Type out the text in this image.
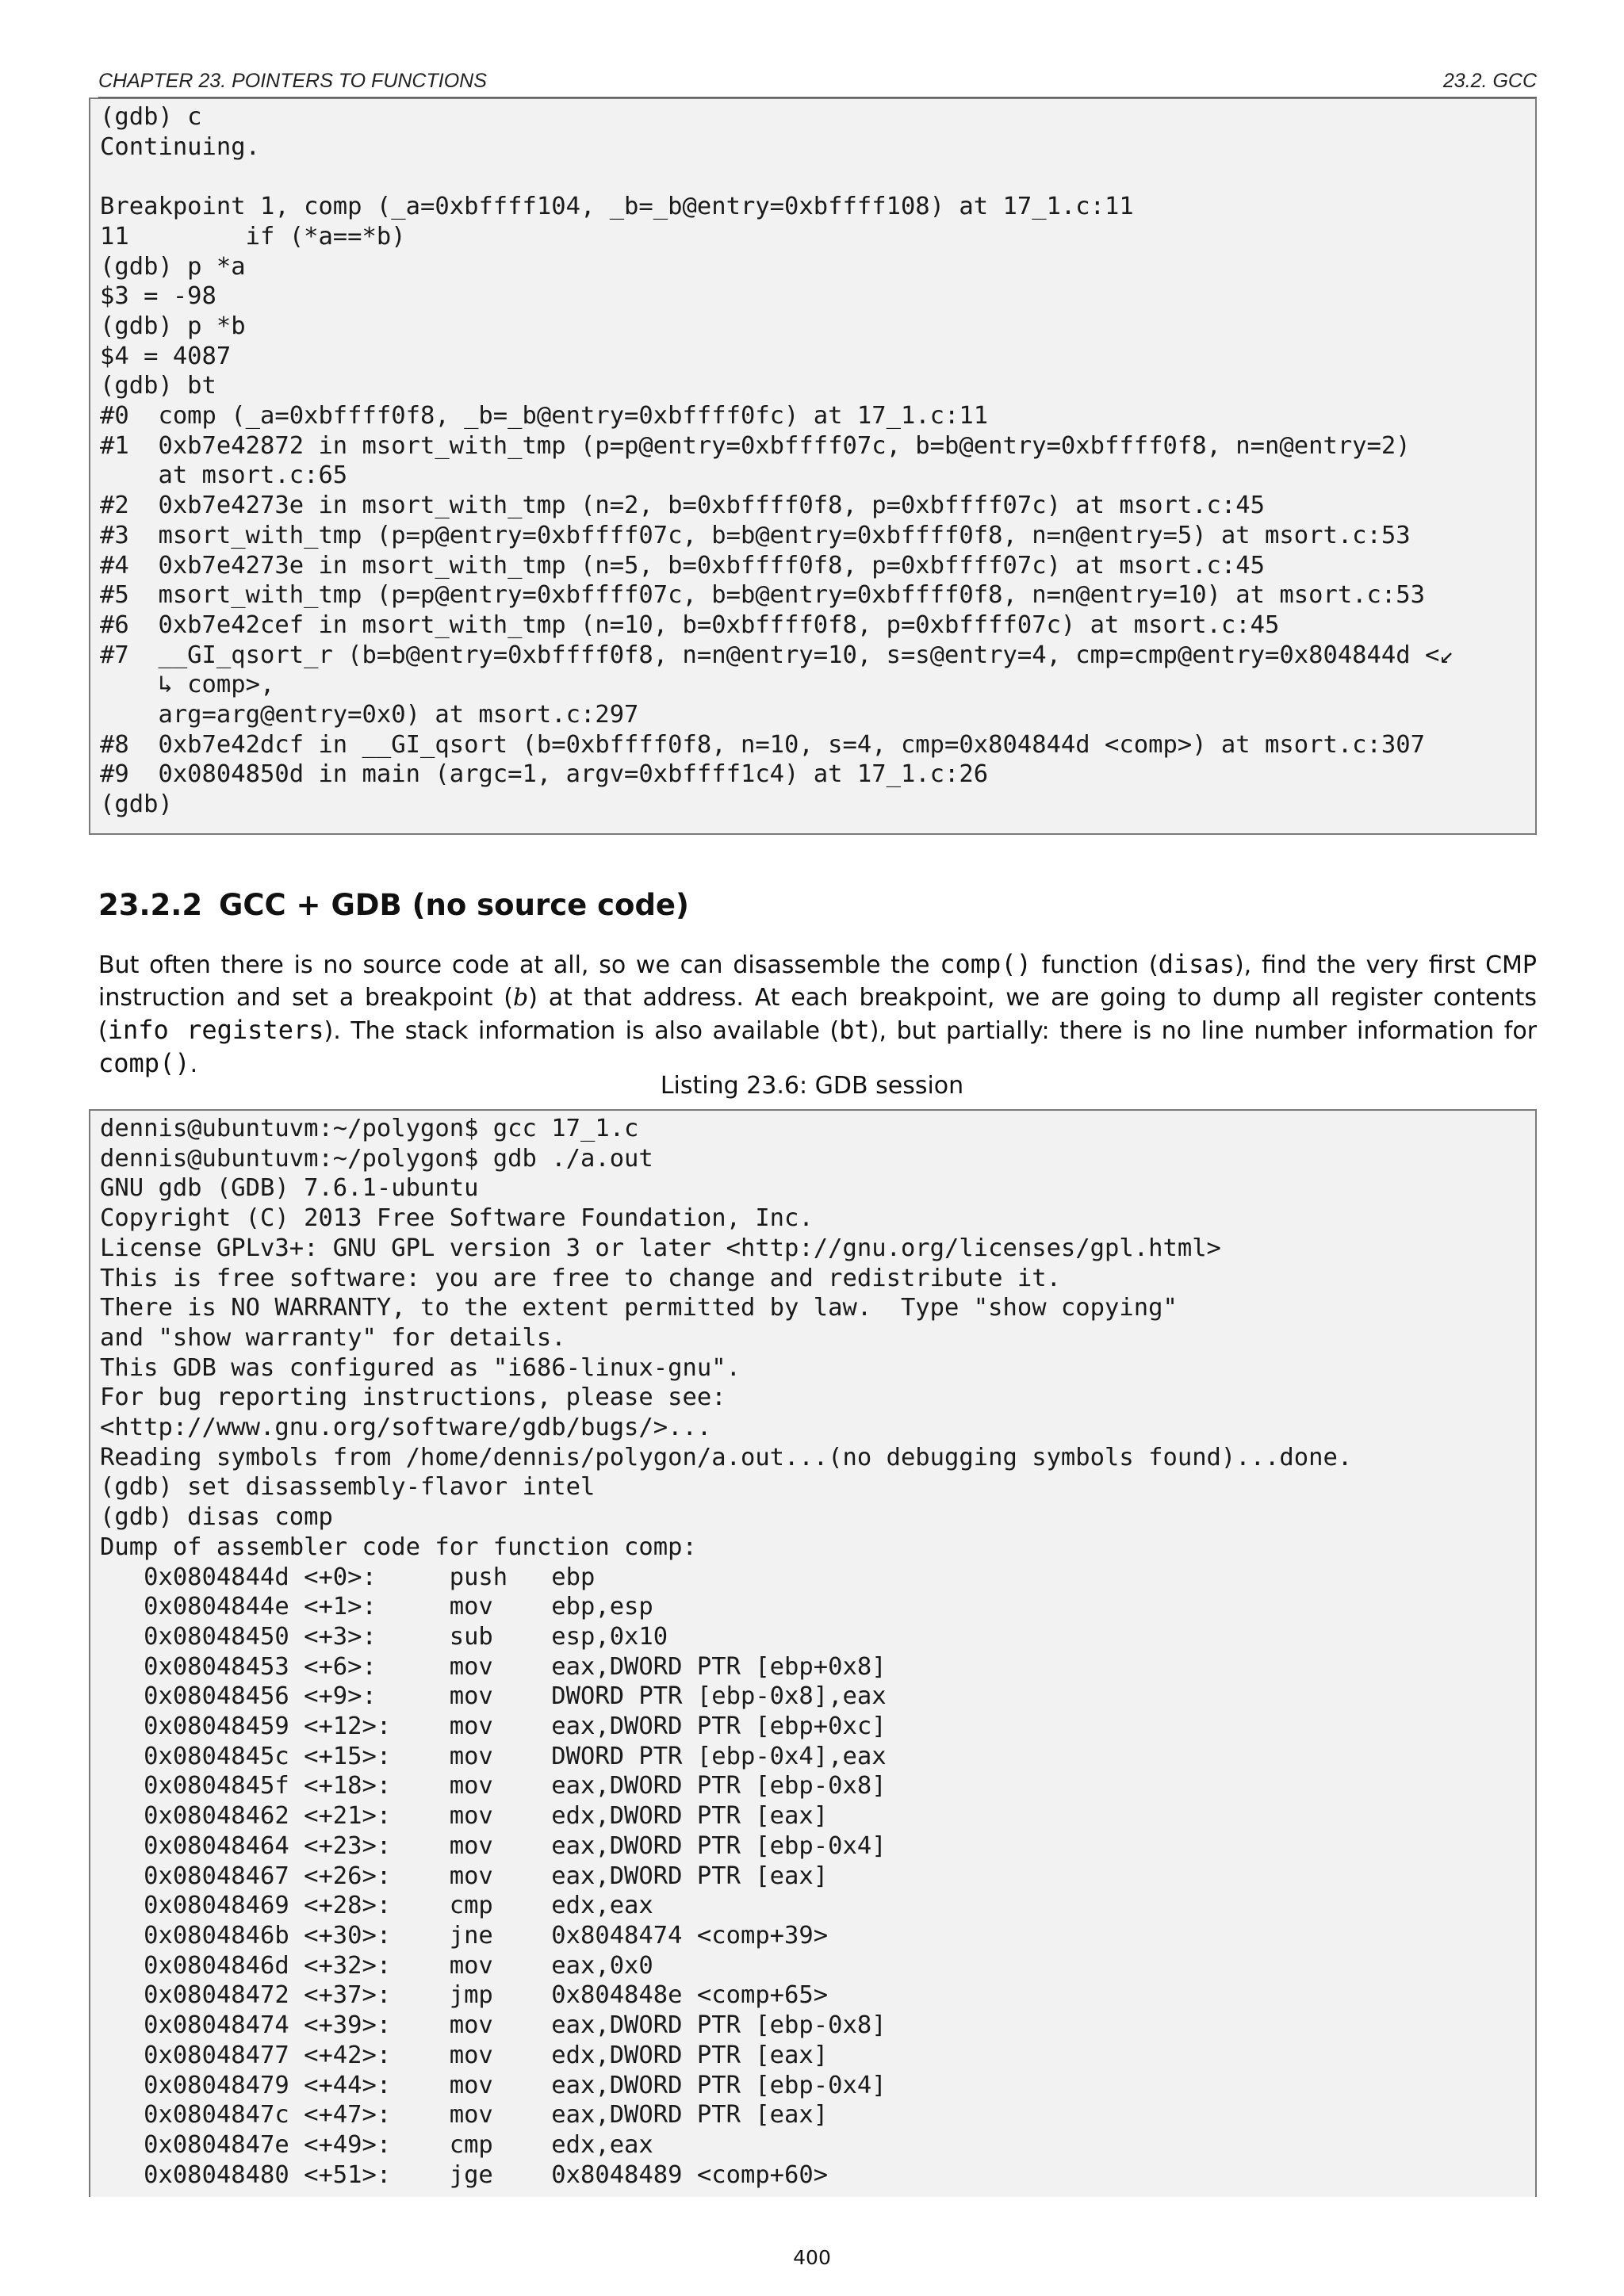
CHAPTER 23. POINTERS TO FUNCTIONS	23.2. GCC
(gdb) c
Continuing.

Breakpoint 1, comp (_a=0xbffff104, _b=_b@entry=0xbffff108) at 17_1.c:11
11        if (*a==*b)
(gdb) p *a
$3 = -98
(gdb) p *b
$4 = 4087
(gdb) bt
#0  comp (_a=0xbffff0f8, _b=_b@entry=0xbffff0fc) at 17_1.c:11
#1  0xb7e42872 in msort_with_tmp (p=p@entry=0xbffff07c, b=b@entry=0xbffff0f8, n=n@entry=2)
at msort.c:65
#2  0xb7e4273e in msort_with_tmp (n=2, b=0xbffff0f8, p=0xbffff07c) at msort.c:45
#3  msort_with_tmp (p=p@entry=0xbffff07c, b=b@entry=0xbffff0f8, n=n@entry=5) at msort.c:53
#4  0xb7e4273e in msort_with_tmp (n=5, b=0xbffff0f8, p=0xbffff07c) at msort.c:45
#5  msort_with_tmp (p=p@entry=0xbffff07c, b=b@entry=0xbffff0f8, n=n@entry=10) at msort.c:53
#6  0xb7e42cef in msort_with_tmp (n=10, b=0xbffff0f8, p=0xbffff07c) at msort.c:45
#7  __GI_qsort_r (b=b@entry=0xbffff0f8, n=n@entry=10, s=s@entry=4, cmp=cmp@entry=0x804844d <↙
↳ comp>,
arg=arg@entry=0x0) at msort.c:297
#8  0xb7e42dcf in __GI_qsort (b=0xbffff0f8, n=10, s=4, cmp=0x804844d <comp>) at msort.c:307
#9  0x0804850d in main (argc=1, argv=0xbffff1c4) at 17_1.c:26
(gdb)
23.2.2 GCC + GDB (no source code)
But often there is no source code at all, so we can disassemble the comp() function (disas), find the very first CMP instruction and set a breakpoint (b) at that address. At each breakpoint, we are going to dump all register contents (info registers). The stack information is also available (bt), but partially: there is no line number information for comp().
Listing 23.6: GDB session
dennis@ubuntuvm:~/polygon$ gcc 17_1.c
dennis@ubuntuvm:~/polygon$ gdb ./a.out
GNU gdb (GDB) 7.6.1-ubuntu
Copyright (C) 2013 Free Software Foundation, Inc.
License GPLv3+: GNU GPL version 3 or later <http://gnu.org/licenses/gpl.html>
This is free software: you are free to change and redistribute it.
There is NO WARRANTY, to the extent permitted by law.  Type "show copying"
and "show warranty" for details.
This GDB was configured as "i686-linux-gnu".
For bug reporting instructions, please see:
<http://www.gnu.org/software/gdb/bugs/>...
Reading symbols from /home/dennis/polygon/a.out...(no debugging symbols found)...done.
(gdb) set disassembly-flavor intel
(gdb) disas comp
Dump of assembler code for function comp:
0x0804844d <+0>:     push   ebp
0x0804844e <+1>:     mov    ebp,esp
0x08048450 <+3>:     sub    esp,0x10
0x08048453 <+6>:     mov    eax,DWORD PTR [ebp+0x8]
0x08048456 <+9>:     mov    DWORD PTR [ebp-0x8],eax
0x08048459 <+12>:    mov    eax,DWORD PTR [ebp+0xc]
0x0804845c <+15>:    mov    DWORD PTR [ebp-0x4],eax
0x0804845f <+18>:    mov    eax,DWORD PTR [ebp-0x8]
0x08048462 <+21>:    mov    edx,DWORD PTR [eax]
0x08048464 <+23>:    mov    eax,DWORD PTR [ebp-0x4]
0x08048467 <+26>:    mov    eax,DWORD PTR [eax]
0x08048469 <+28>:    cmp    edx,eax
0x0804846b <+30>:    jne    0x8048474 <comp+39>
0x0804846d <+32>:    mov    eax,0x0
0x08048472 <+37>:    jmp    0x804848e <comp+65>
0x08048474 <+39>:    mov    eax,DWORD PTR [ebp-0x8]
0x08048477 <+42>:    mov    edx,DWORD PTR [eax]
0x08048479 <+44>:    mov    eax,DWORD PTR [ebp-0x4]
0x0804847c <+47>:    mov    eax,DWORD PTR [eax]
0x0804847e <+49>:    cmp    edx,eax
0x08048480 <+51>:    jge    0x8048489 <comp+60>
400
